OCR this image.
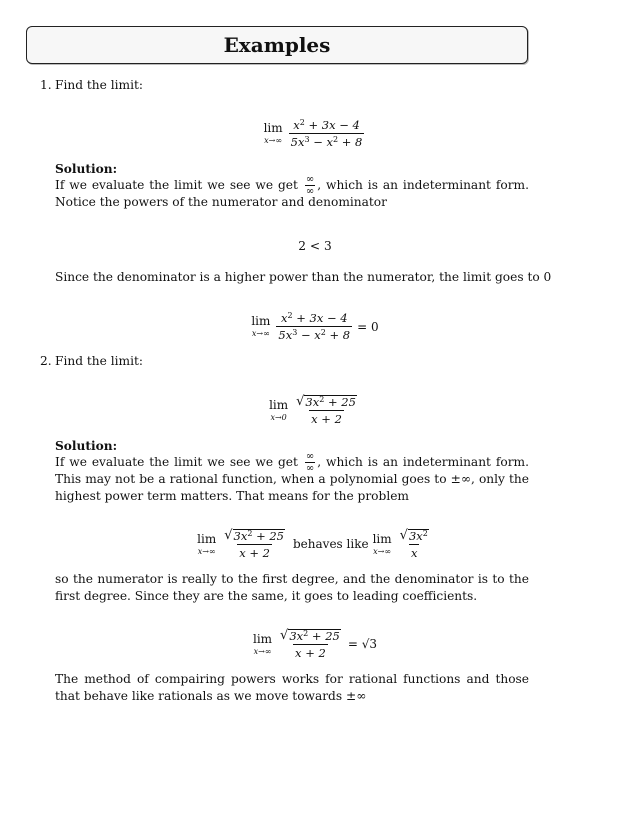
Examples
1. Find the limit:
lim
$x\to\infty \frac{x^2 + 3x - 4}{5x^3 - x^2 + 8}$
Solution:
If we evaluate the limit we see we get ∞
∞ , which is an indeterminant form. Notice the powers of the numerator and denominator
2 < 3
Since the denominator is a higher power than the numerator, the limit goes to 0
lim
$x\to\infty \frac{x^2 + 3x - 4}{5x^3 - x^2 + 8} = 0$
2. Find the limit:
lim
$x\to 0 \frac{√ 3x^2 + 25}{x + 2}$
Solution:
If we evaluate the limit we see we get ∞
∞ , which is an indeterminant form. This may not be a rational function, when a polynomial goes to ±∞, only the highest power term matters. That means for the problem
lim
$x\to\infty \frac{√ 3x^2 + 25}{x + 2}$ behaves like lim
$x\to\infty \frac{√ 3x^2}{x}$
so the numerator is really to the first degree, and the denominator is to the first degree. Since they are the same, it goes to leading coefficients.
lim
$x\to\infty \frac{√ 3x^2 + 25}{x + 2} = √3$
The method of compairing powers works for rational functions and those that behave like rationals as we move towards ±∞
